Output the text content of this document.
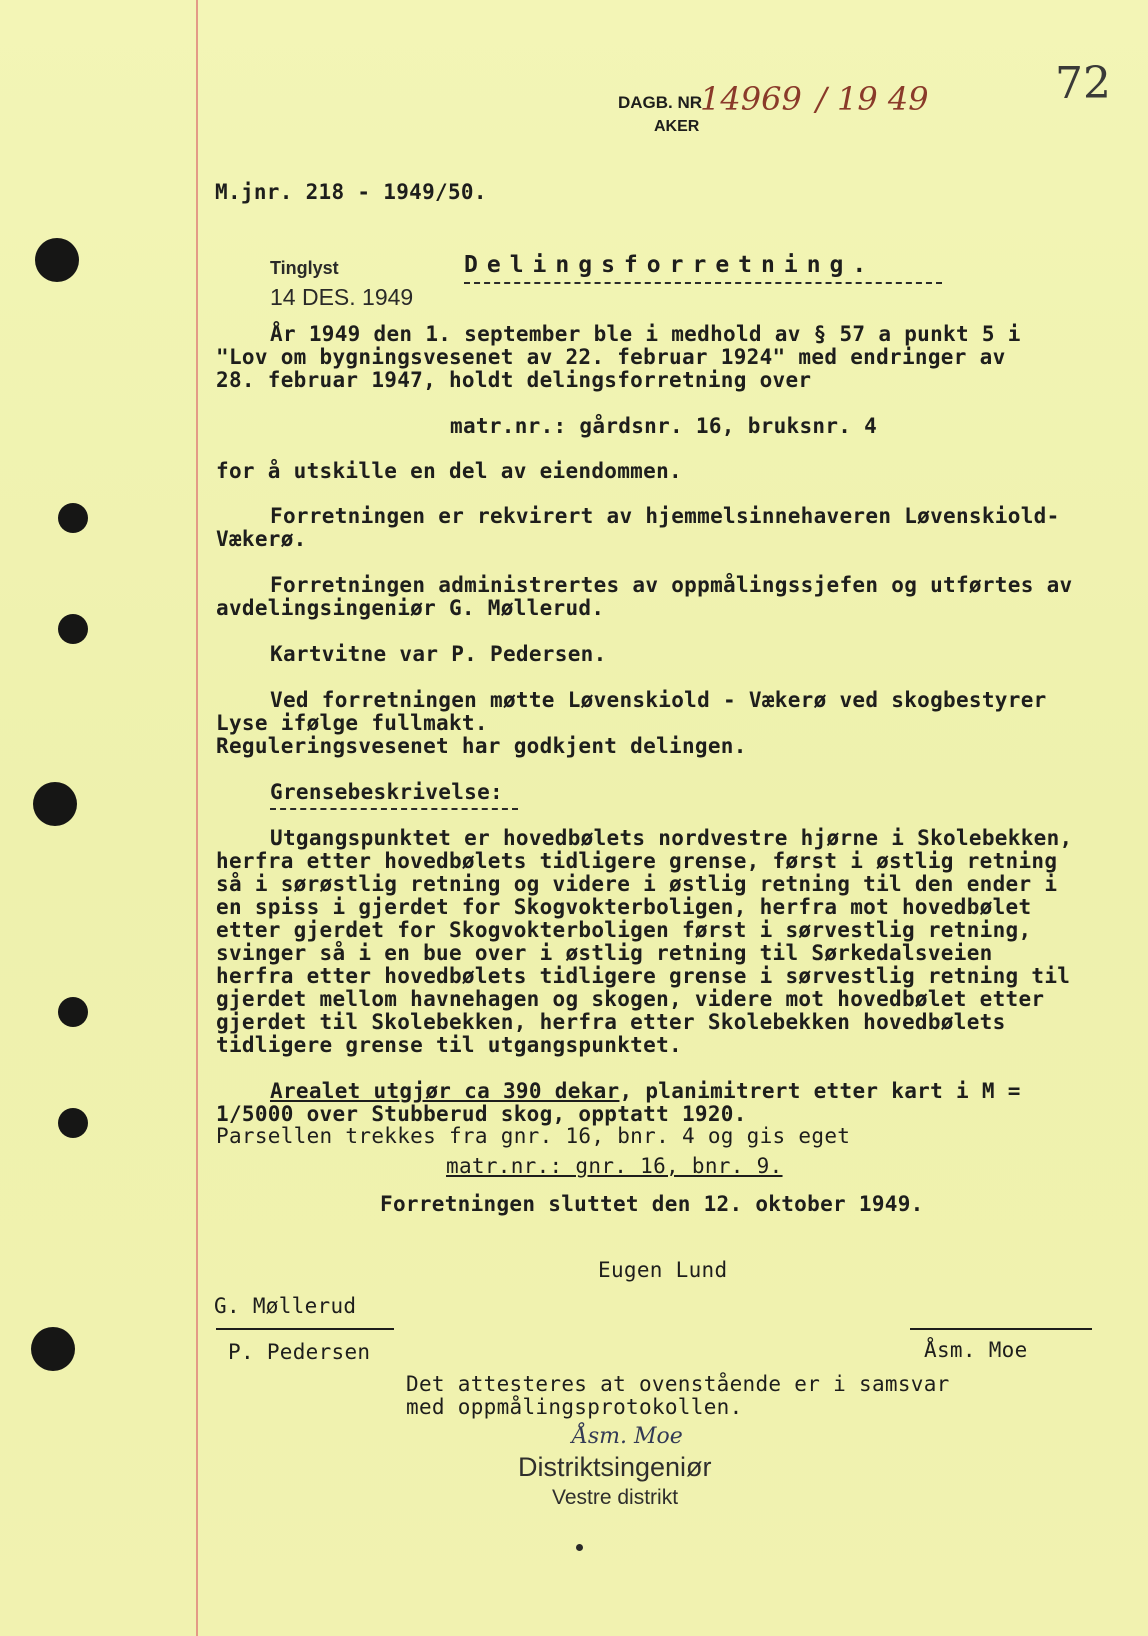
DAGB. NR
14969 / 19 49
AKER
72
M.jnr. 218 - 1949/50.
Tinglyst
14 DES. 1949
Delingsforretning.
År 1949 den 1. september ble i medhold av § 57 a punkt 5 i
"Lov om bygningsvesenet av 22. februar 1924" med endringer av
28. februar 1947, holdt delingsforretning over
matr.nr.: gårdsnr. 16, bruksnr. 4
for å utskille en del av eiendommen.
Forretningen er rekvirert av hjemmelsinnehaveren Løvenskiold-
Vækerø.
Forretningen administrertes av oppmålingssjefen og utførtes av
avdelingsingeniør G. Møllerud.
Kartvitne var P. Pedersen.
Ved forretningen møtte Løvenskiold - Vækerø ved skogbestyrer
Lyse ifølge fullmakt.
Reguleringsvesenet har godkjent delingen.
Grensebeskrivelse:
Utgangspunktet er hovedbølets nordvestre hjørne i Skolebekken,
herfra etter hovedbølets tidligere grense, først i østlig retning
så i sørøstlig retning og videre i østlig retning til den ender i
en spiss i gjerdet for Skogvokterboligen, herfra mot hovedbølet
etter gjerdet for Skogvokterboligen først i sørvestlig retning,
svinger så i en bue over i østlig retning til Sørkedalsveien
herfra etter hovedbølets tidligere grense i sørvestlig retning til
gjerdet mellom havnehagen og skogen, videre mot hovedbølet etter
gjerdet til Skolebekken, herfra etter Skolebekken hovedbølets
tidligere grense til utgangspunktet.
Arealet utgjør ca 390 dekar, planimitrert etter kart i M =
1/5000 over Stubberud skog, opptatt 1920.
Parsellen trekkes fra gnr. 16, bnr. 4 og gis eget
matr.nr.: gnr. 16, bnr. 9.
Forretningen sluttet den 12. oktober 1949.
Eugen Lund
G. Møllerud
P. Pedersen	Åsm. Moe
Det attesteres at ovenstående er i samsvar
med oppmålingsprotokollen.
Åsm. Moe
Distriktsingeniør
Vestre distrikt
